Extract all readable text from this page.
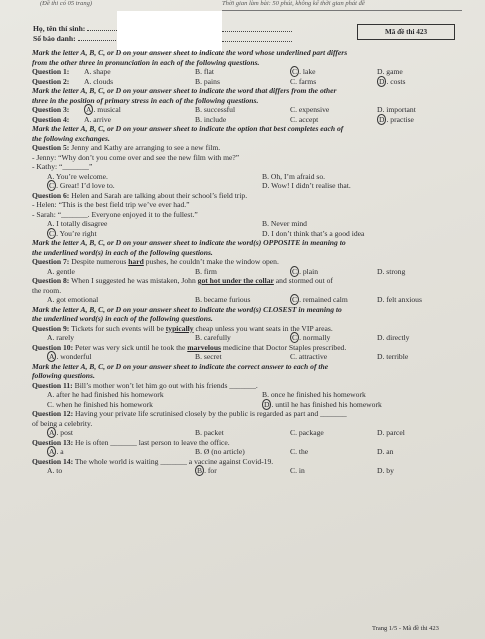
(Đề thi có 05 trang)	Thời gian làm bài: 50 phút, không kể thời gian phát đề
Họ, tên thí sinh:
Số báo danh:
Mã đề thi 423
Mark the letter A, B, C, or D on your answer sheet to indicate the word whose underlined part differs
from the other three in pronunciation in each of the following questions.
Question 1: A. shape	B. flat	C . lake	D. game
Question 2: A. clouds	B. pains	C. farms	D . costs
Mark the letter A, B, C, or D on your answer sheet to indicate the word that differs from the other
three in the position of primary stress in each of the following questions.
Question 3: A . musical	B. successful	C. expensive	D. important
Question 4: A. arrive	B. include	C. accept	D . practise
Mark the letter A, B, C, or D on your answer sheet to indicate the option that best completes each of
the following exchanges.
Question 5: Jenny and Kathy are arranging to see a new film.
- Jenny: “Why don’t you come over and see the new film with me?”
- Kathy: “_______”
A. You’re welcome.	B. Oh, I’m afraid so.
C . Great! I’d love to.	D. Wow! I didn’t realise that.
Question 6: Helen and Sarah are talking about their school’s field trip.
- Helen: “This is the best field trip we’ve ever had.”
- Sarah: “_______. Everyone enjoyed it to the fullest.”
A. I totally disagree	B. Never mind
C . You’re right	D. I don’t think that’s a good idea
Mark the letter A, B, C, or D on your answer sheet to indicate the word(s) OPPOSITE in meaning to
the underlined word(s) in each of the following questions.
Question 7: Despite numerous hard pushes, he couldn’t make the window open.
A. gentle	B. firm	C . plain	D. strong
Question 8: When I suggested he was mistaken, John got hot under the collar and stormed out of
the room.
A. got emotional	B. became furious	C . remained calm	D. felt anxious
Mark the letter A, B, C, or D on your answer sheet to indicate the word(s) CLOSEST in meaning to
the underlined word(s) in each of the following questions.
Question 9: Tickets for such events will be typically cheap unless you want seats in the VIP areas.
A. rarely	B. carefully	C . normally	D. directly
Question 10: Peter was very sick until he took the marvelous medicine that Doctor Staples prescribed.
A . wonderful	B. secret	C. attractive	D. terrible
Mark the letter A, B, C, or D on your answer sheet to indicate the correct answer to each of the
following questions.
Question 11: Bill’s mother won’t let him go out with his friends _______.
A. after he had finished his homework	B. once he finished his homework
C. when he finished his homework	D . until he has finished his homework
Question 12: Having your private life scrutinised closely by the public is regarded as part and _______
of being a celebrity.
A . post	B. packet	C. package	D. parcel
Question 13: He is often _______ last person to leave the office.
A . a	B. Ø (no article)	C. the	D. an
Question 14: The whole world is waiting _______ a vaccine against Covid-19.
A. to	B . for	C. in	D. by
Trang 1/5 - Mã đề thi 423
